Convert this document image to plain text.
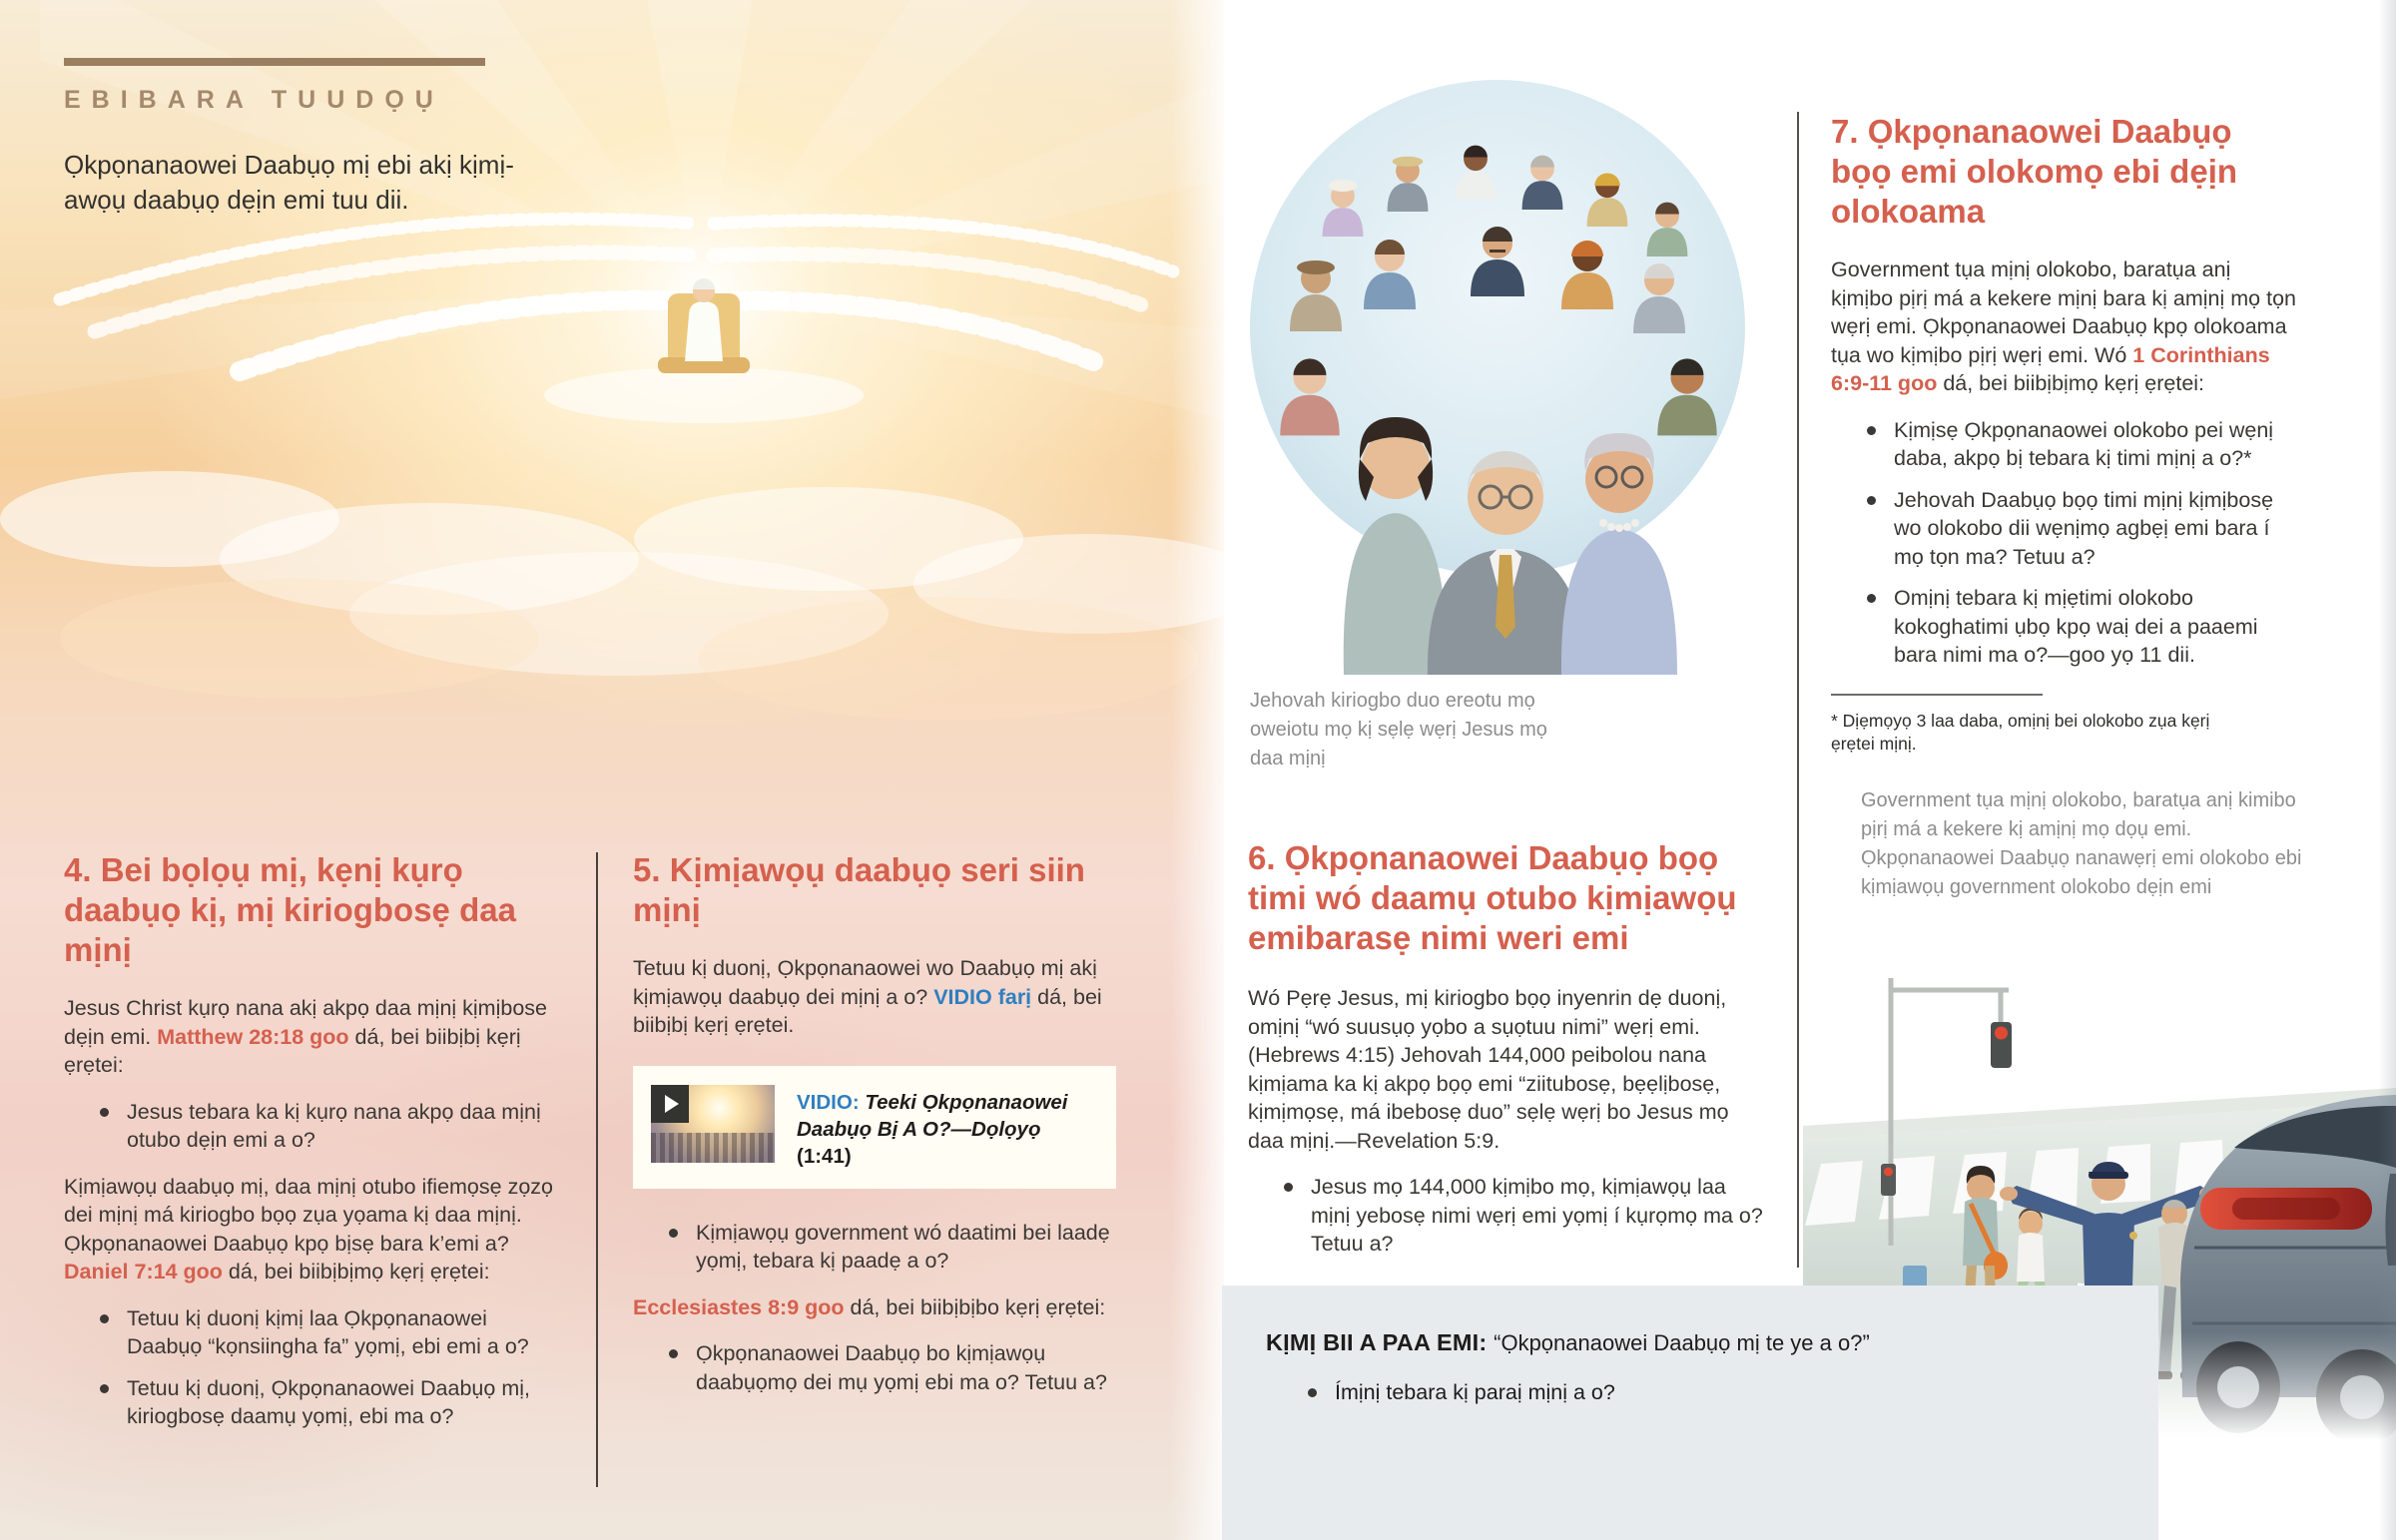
EBIBARA TUUDỌỤ
Ọkpọnanaowei Daabụọ mị ebi akị kịmị-awọụ daabụọ dẹịn emi tuu dii.
4. Bei bọlọụ mị, kẹnị kụrọ daabụọ kị, mị kiriogbosẹ daa mịnị

Jesus Christ kụrọ nana akị akpọ daa mịnị kịmịbose dẹịn emi. Matthew 28:18 goo dá, bei biibịbị kẹrị ẹrẹtei:

Jesus tebara ka kị kụrọ nana akpọ daa mịnị otubo dẹịn emi a o?

Kịmịawọụ daabụọ mị, daa mịnị otubo ifiemọsẹ zọzọ dei mịnị má kiriogbo bọọ zụa yọama kị daa mịnị. Ọkpọnanaowei Daabụọ kpọ bịsẹ bara k’emi a? Daniel 7:14 goo dá, bei biibịbịmọ kẹrị ẹrẹtei:

Tetuu kị duonị kịmị laa Ọkpọnanaowei Daabụọ “kọnsiingha fa” yọmị, ebi emi a o?
Tetuu kị duonị, Ọkpọnanaowei Daabụọ mị, kiriogbosẹ daamụ yọmị, ebi ma o?
5. Kịmịawọụ daabụọ seri siin mịnị

Tetuu kị duonị, Ọkpọnanaowei wo Daabụọ mị akị kịmịawọụ daabụọ dei mịnị a o? VIDIO farị dá, bei biibịbị kẹrị ẹrẹtei.

VIDIO: Teeki Ọkpọnanaowei Daabụọ Bị A O?—Dọlọyọ (1:41)
Kịmịawọụ government wó daatimi bei laadẹ yọmị, tebara kị paadẹ a o?

Ecclesiastes 8:9 goo dá, bei biibịbịbo kẹrị ẹrẹtei:

Ọkpọnanaowei Daabụọ bo kịmịawọụ daabụọmọ dei mụ yọmị ebi ma o? Tetuu a?
Jehovah kiriogbo duo ereotu mọ oweiotu mọ kị sẹlẹ wẹrị Jesus mọ daa mịnị
6. Ọkpọnanaowei Daabụọ bọọ timi wó daamụ otubo kịmịawọụ emibarasẹ nimi weri emi

Wó Pẹrẹ Jesus, mị kiriogbo bọọ inyenrin dẹ duonị, omịnị “wó suusụọ yọbo a sụọtuu nimi” wẹrị emi. (Hebrews 4:15) Jehovah 144,000 peibolou nana kịmịama ka kị akpọ bọọ emi “ziitubosẹ, bẹẹlịbosẹ, kịmịmọsẹ, má ibebosẹ duo” sẹlẹ wẹrị bo Jesus mọ daa mịnị.—Revelation 5:9.

Jesus mọ 144,000 kịmịbo mọ, kịmịawọụ laa mịnị yebosẹ nimi wẹrị emi yọmị í kụrọmọ ma o? Tetuu a?
7. Ọkpọnanaowei Daabụọ bọọ emi olokomọ ebi dẹịn olokoama

Government tụa mịnị olokobo, baratụa anị kịmịbo pịrị má a kekere mịnị bara kị amịnị mọ tọn wẹrị emi. Ọkpọnanaowei Daabụọ kpọ olokoama tụa wo kịmịbo pịrị wẹrị emi. Wó 1 Corinthians 6:9-11 goo dá, bei biibịbịmọ kẹrị ẹrẹtei:

Kịmịsẹ Ọkpọnanaowei olokobo pei wẹnị daba, akpọ bị tebara kị timi mịnị a o?*
Jehovah Daabụọ bọọ timi mịnị kịmịbosẹ wo olokobo dii wẹnịmọ agbẹị emi bara í mọ tọn ma? Tetuu a?
Omịnị tebara kị mịẹtimi olokobo kokoghatimi ụbọ kpọ waị dei a paaemi bara nimi ma o?—goo yọ 11 dii.
* Dịẹmọyọ 3 laa daba, omịnị bei olokobo zụa kẹrị ẹrẹtei mịnị.
Government tụa mịnị olokobo, baratụa anị kimibo pịrị má a kekere kị amịnị mọ dọụ emi. Ọkpọnanaowei Daabụọ nanawẹrị emi olokobo ebi kịmịawọụ government olokobo dẹịn emi

KỊMỊ BII A PAA EMI: “Ọkpọnanaowei Daabụọ mị te ye a o?”

Ímịnị tebara kị paraị mịnị a o?
